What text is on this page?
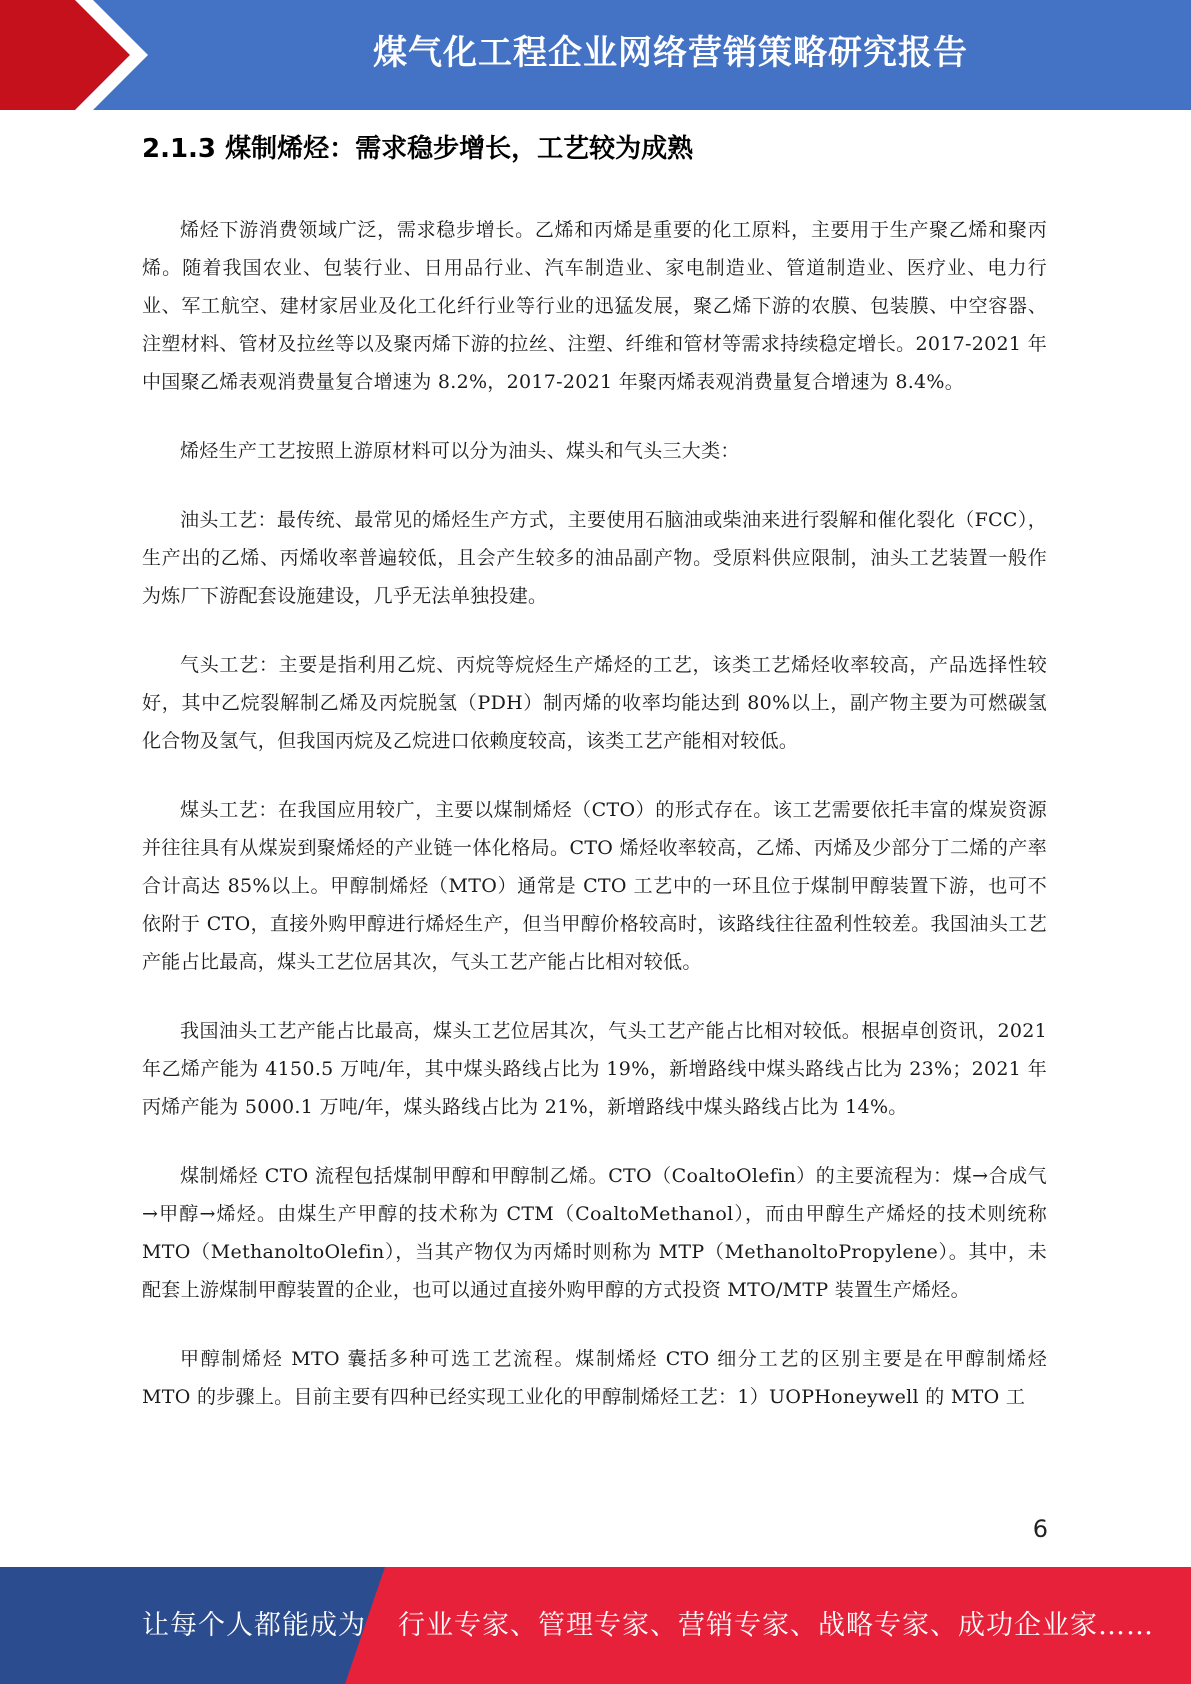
煤气化工程企业网络营销策略研究报告
2.1.3 煤制烯烃：需求稳步增长，工艺较为成熟

烯烃下游消费领域广泛，需求稳步增长。乙烯和丙烯是重要的化工原料，主要用于生产聚乙烯和聚丙烯。随着我国农业、包装行业、日用品行业、汽车制造业、家电制造业、管道制造业、医疗业、电力行业、军工航空、建材家居业及化工化纤行业等行业的迅猛发展，聚乙烯下游的农膜、包装膜、中空容器、注塑材料、管材及拉丝等以及聚丙烯下游的拉丝、注塑、纤维和管材等需求持续稳定增长。2017-2021 年中国聚乙烯表观消费量复合增速为 8.2%，2017-2021 年聚丙烯表观消费量复合增速为 8.4%。

烯烃生产工艺按照上游原材料可以分为油头、煤头和气头三大类：

油头工艺：最传统、最常见的烯烃生产方式，主要使用石脑油或柴油来进行裂解和催化裂化（FCC），生产出的乙烯、丙烯收率普遍较低，且会产生较多的油品副产物。受原料供应限制，油头工艺装置一般作为炼厂下游配套设施建设，几乎无法单独投建。

气头工艺：主要是指利用乙烷、丙烷等烷烃生产烯烃的工艺，该类工艺烯烃收率较高，产品选择性较好，其中乙烷裂解制乙烯及丙烷脱氢（PDH）制丙烯的收率均能达到 80%以上，副产物主要为可燃碳氢化合物及氢气，但我国丙烷及乙烷进口依赖度较高，该类工艺产能相对较低。

煤头工艺：在我国应用较广，主要以煤制烯烃（CTO）的形式存在。该工艺需要依托丰富的煤炭资源并往往具有从煤炭到聚烯烃的产业链一体化格局。CTO 烯烃收率较高，乙烯、丙烯及少部分丁二烯的产率合计高达 85%以上。甲醇制烯烃（MTO）通常是 CTO 工艺中的一环且位于煤制甲醇装置下游，也可不依附于 CTO，直接外购甲醇进行烯烃生产，但当甲醇价格较高时，该路线往往盈利性较差。我国油头工艺产能占比最高，煤头工艺位居其次，气头工艺产能占比相对较低。

我国油头工艺产能占比最高，煤头工艺位居其次，气头工艺产能占比相对较低。根据卓创资讯，2021 年乙烯产能为 4150.5 万吨/年，其中煤头路线占比为 19%，新增路线中煤头路线占比为 23%；2021 年丙烯产能为 5000.1 万吨/年，煤头路线占比为 21%，新增路线中煤头路线占比为 14%。

煤制烯烃 CTO 流程包括煤制甲醇和甲醇制乙烯。CTO（CoaltoOlefin）的主要流程为：煤→合成气→甲醇→烯烃。由煤生产甲醇的技术称为 CTM（CoaltoMethanol），而由甲醇生产烯烃的技术则统称 MTO（MethanoltoOlefin），当其产物仅为丙烯时则称为 MTP（MethanoltoPropylene）。其中，未配套上游煤制甲醇装置的企业，也可以通过直接外购甲醇的方式投资 MTO/MTP 装置生产烯烃。

甲醇制烯烃 MTO 囊括多种可选工艺流程。煤制烯烃 CTO 细分工艺的区别主要是在甲醇制烯烃 MTO 的步骤上。目前主要有四种已经实现工业化的甲醇制烯烃工艺：1）UOPHoneywell 的 MTO 工

6
让每个人都能成为 行业专家、管理专家、营销专家、战略专家、成功企业家……
